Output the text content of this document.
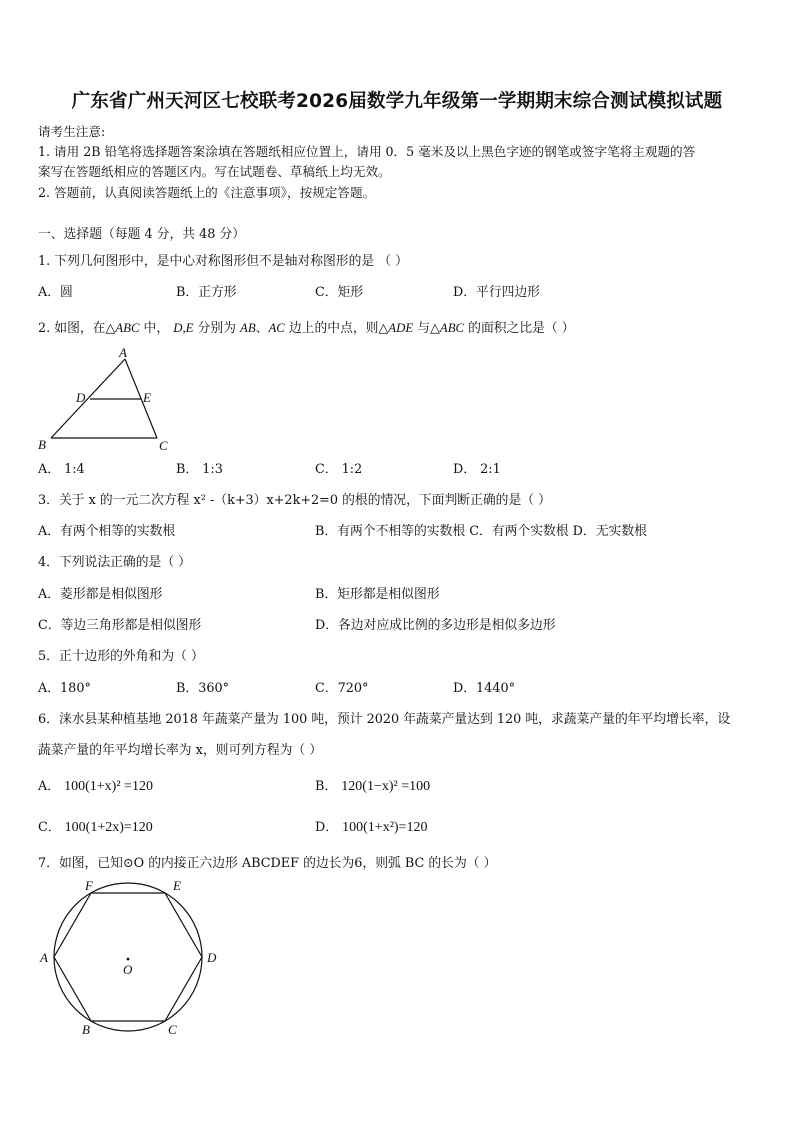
广东省广州天河区七校联考2026届数学九年级第一学期期末综合测试模拟试题
请考生注意:
1. 请用 2B 铅笔将选择题答案涂填在答题纸相应位置上，请用 0．5 毫米及以上黑色字迹的钢笔或签字笔将主观题的答
案写在答题纸相应的答题区内。写在试题卷、草稿纸上均无效。
2. 答题前，认真阅读答题纸上的《注意事项》，按规定答题。
一、选择题（每题 4 分，共 48 分）
1. 下列几何图形中，是中心对称图形但不是轴对称图形的是 （ ）
A．圆	B．正方形	C．矩形	D．平行四边形
2. 如图，在△ABC 中， D,E 分别为 AB、AC 边上的中点，则△ADE 与△ABC 的面积之比是（ ）
A
B	C
D	E
A． 1:4	B． 1:3	C． 1:2	D． 2:1
3．关于 x 的一元二次方程 x² -（k+3）x+2k+2=0 的根的情况，下面判断正确的是（ ）
A．有两个相等的实数根	B．有两个不相等的实数根 C．有两个实数根 D．无实数根
4．下列说法正确的是（ ）
A．菱形都是相似图形	B．矩形都是相似图形
C．等边三角形都是相似图形	D．各边对应成比例的多边形是相似多边形
5．正十边形的外角和为（ ）
A．180°	B．360°	C．720°	D．1440°
6．涞水县某种植基地 2018 年蔬菜产量为 100 吨，预计 2020 年蔬菜产量达到 120 吨，求蔬菜产量的年平均增长率，设
蔬菜产量的年平均增长率为 x，则可列方程为（ ）
A． 100(1+x)² =120	B． 120(1−x)² =100
C． 100(1+2x)=120	D． 100(1+x²)=120
7．如图，已知⊙O 的内接正六边形 ABCDEF 的边长为6，则弧 BC 的长为（ ）
F	E
A	D
B	C
O
